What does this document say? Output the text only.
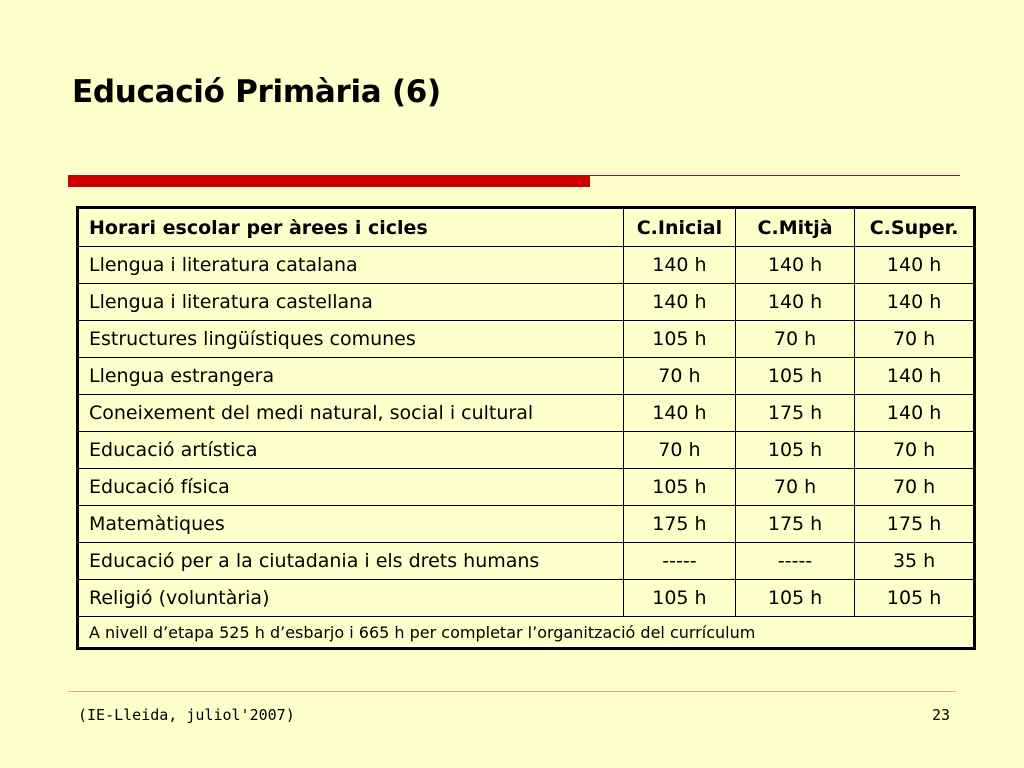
Educació Primària (6)
Horari escolar per àrees i cicles	C.Inicial	C.Mitjà	C.Super.
Llengua i literatura catalana	140 h	140 h	140 h
Llengua i literatura castellana	140 h	140 h	140 h
Estructures lingüístiques comunes	105 h	70 h	70 h
Llengua estrangera	70 h	105 h	140 h
Coneixement del medi natural, social i cultural	140 h	175 h	140 h
Educació artística	70 h	105 h	70 h
Educació física	105 h	70 h	70 h
Matemàtiques	175 h	175 h	175 h
Educació per a la ciutadania i els drets humans	-----	-----	35 h
Religió (voluntària)	105 h	105 h	105 h
A nivell d’etapa 525 h d’esbarjo i 665 h per completar l’organització del currículum			
(IE-Lleida, juliol'2007)	23
